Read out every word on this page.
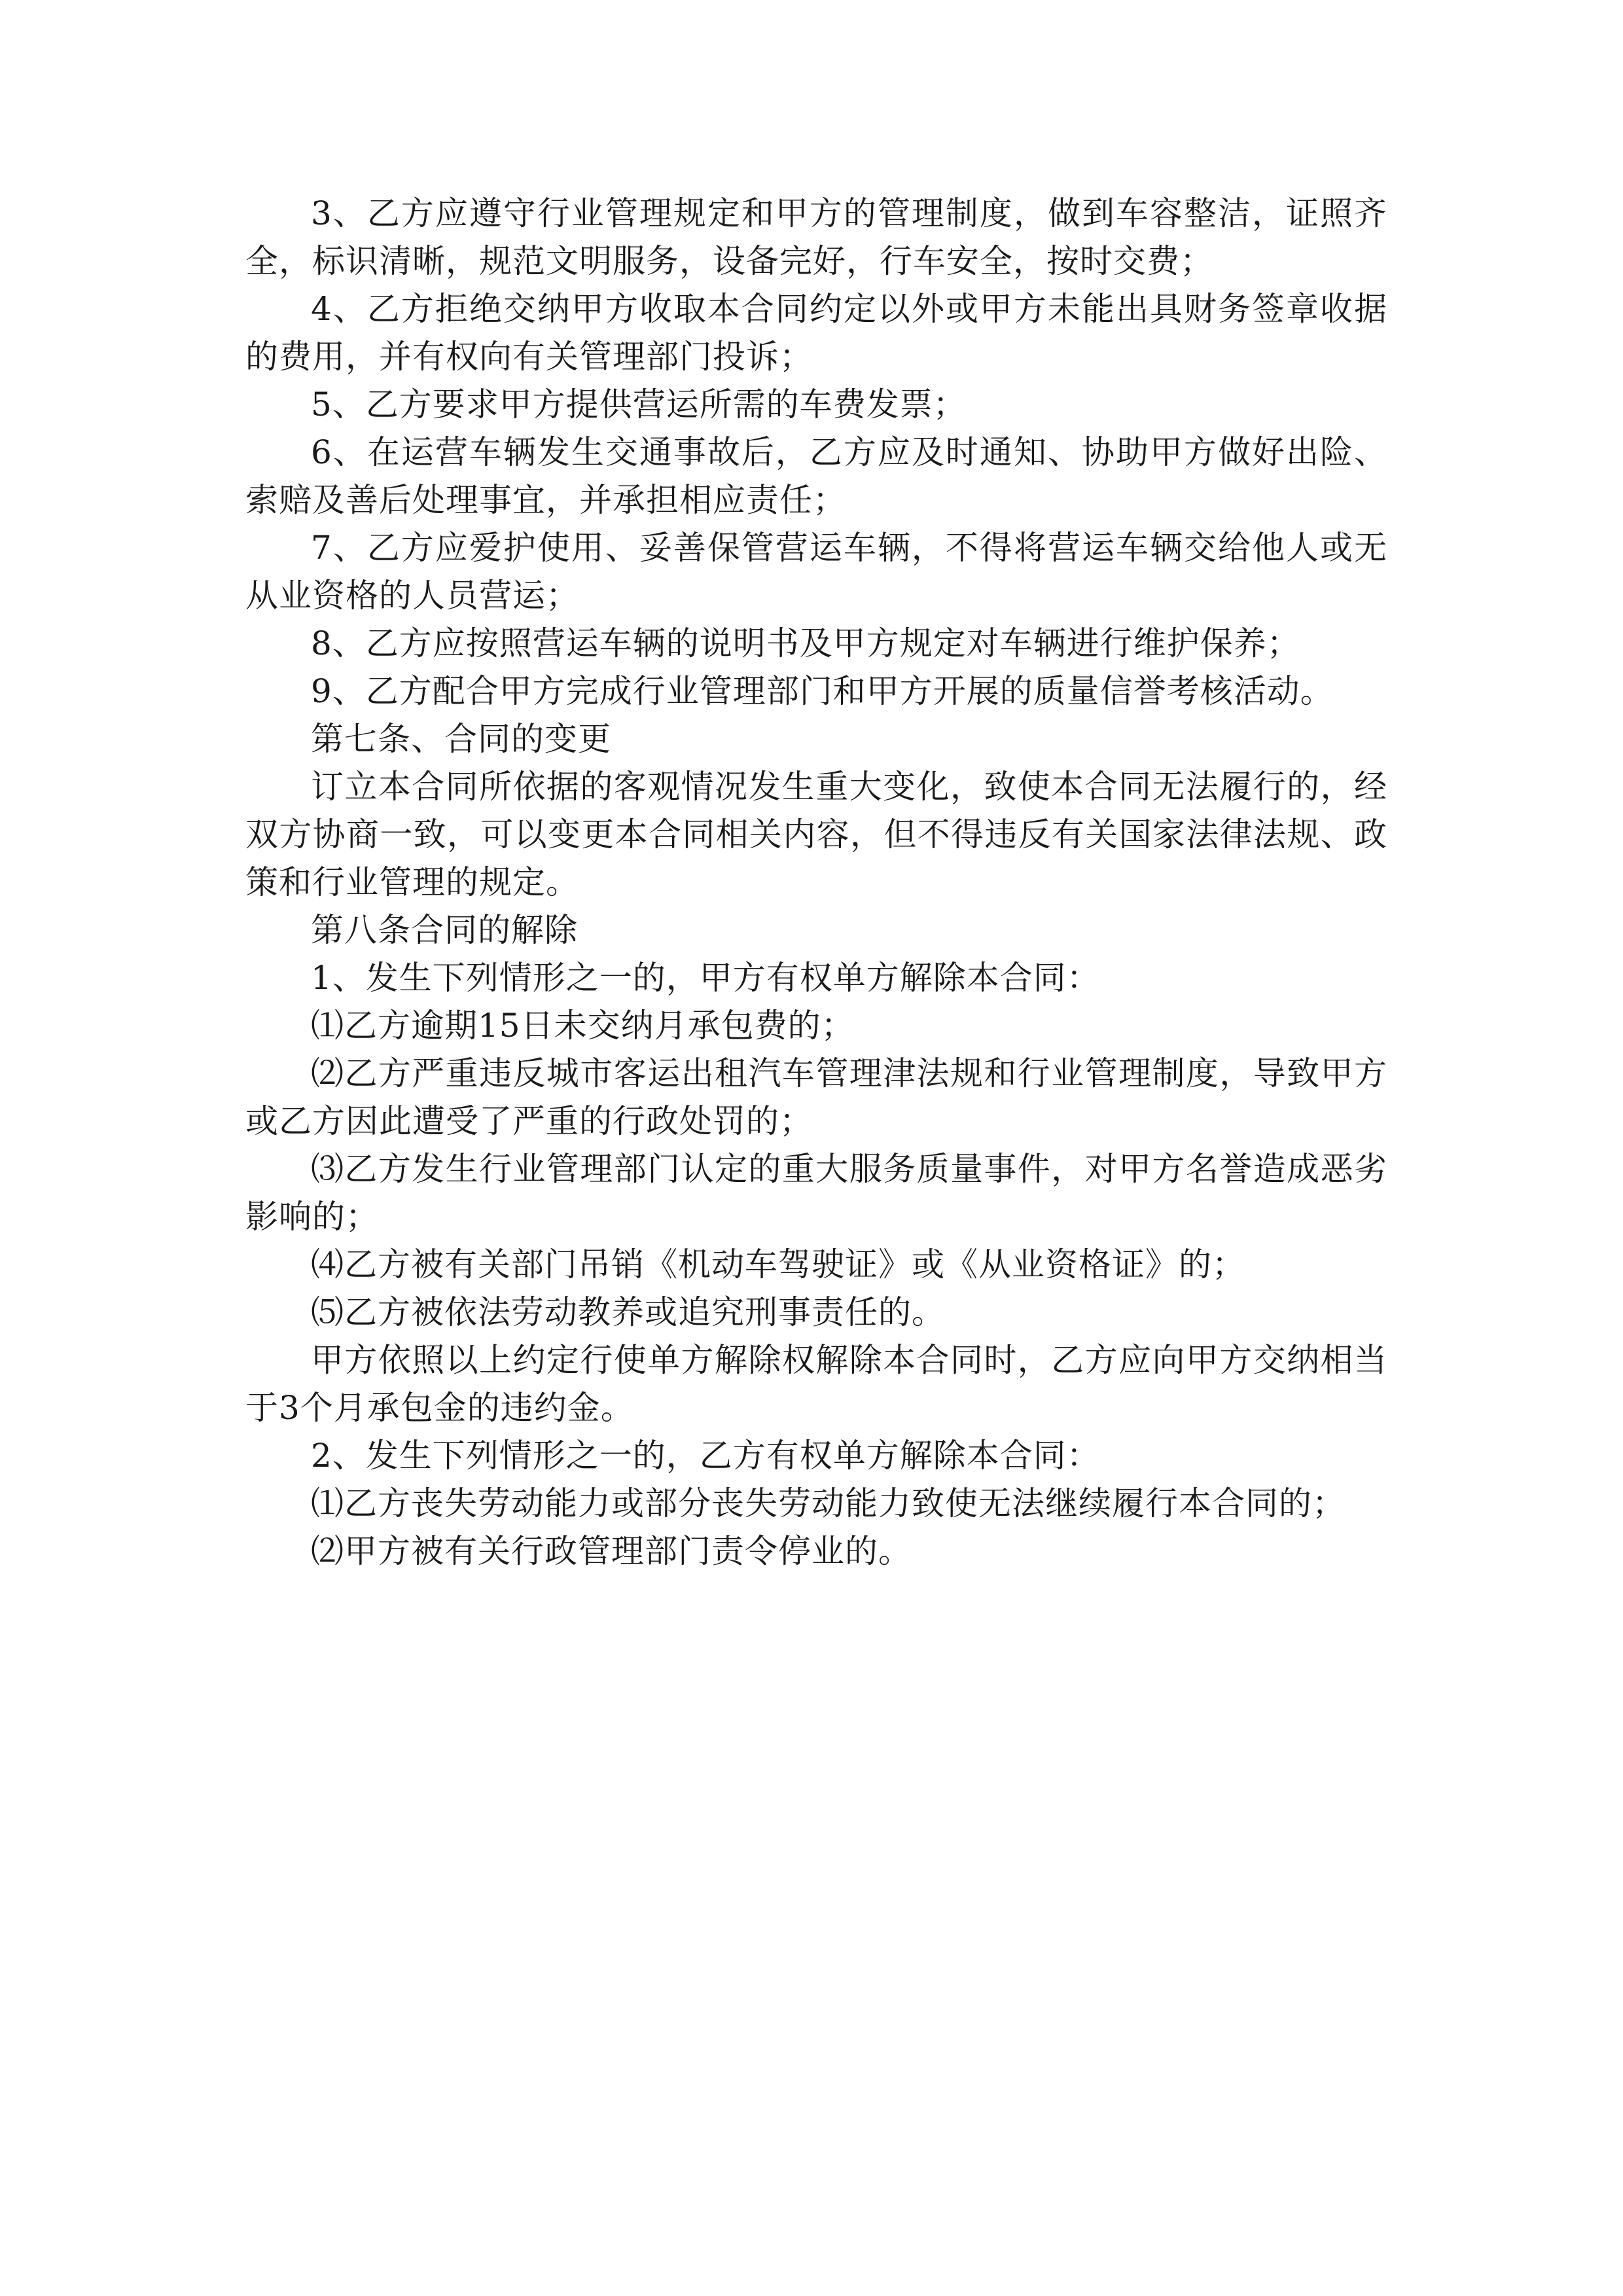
3、乙方应遵守行业管理规定和甲方的管理制度，做到车容整洁，证照齐全，标识清晰，规范文明服务，设备完好，行车安全，按时交费；

4、乙方拒绝交纳甲方收取本合同约定以外或甲方未能出具财务签章收据的费用，并有权向有关管理部门投诉；

5、乙方要求甲方提供营运所需的车费发票；

6、在运营车辆发生交通事故后，乙方应及时通知、协助甲方做好出险、索赔及善后处理事宜，并承担相应责任；

7、乙方应爱护使用、妥善保管营运车辆，不得将营运车辆交给他人或无从业资格的人员营运；

8、乙方应按照营运车辆的说明书及甲方规定对车辆进行维护保养；

9、乙方配合甲方完成行业管理部门和甲方开展的质量信誉考核活动。

第七条、合同的变更

订立本合同所依据的客观情况发生重大变化，致使本合同无法履行的，经双方协商一致，可以变更本合同相关内容，但不得违反有关国家法律法规、政策和行业管理的规定。

第八条合同的解除

1、发生下列情形之一的，甲方有权单方解除本合同：

⑴乙方逾期15日未交纳月承包费的；

⑵乙方严重违反城市客运出租汽车管理津法规和行业管理制度，导致甲方或乙方因此遭受了严重的行政处罚的；

⑶乙方发生行业管理部门认定的重大服务质量事件，对甲方名誉造成恶劣影响的；

⑷乙方被有关部门吊销《机动车驾驶证》或《从业资格证》的；

⑸乙方被依法劳动教养或追究刑事责任的。

甲方依照以上约定行使单方解除权解除本合同时，乙方应向甲方交纳相当于3个月承包金的违约金。

2、发生下列情形之一的，乙方有权单方解除本合同：

⑴乙方丧失劳动能力或部分丧失劳动能力致使无法继续履行本合同的；

⑵甲方被有关行政管理部门责令停业的。
